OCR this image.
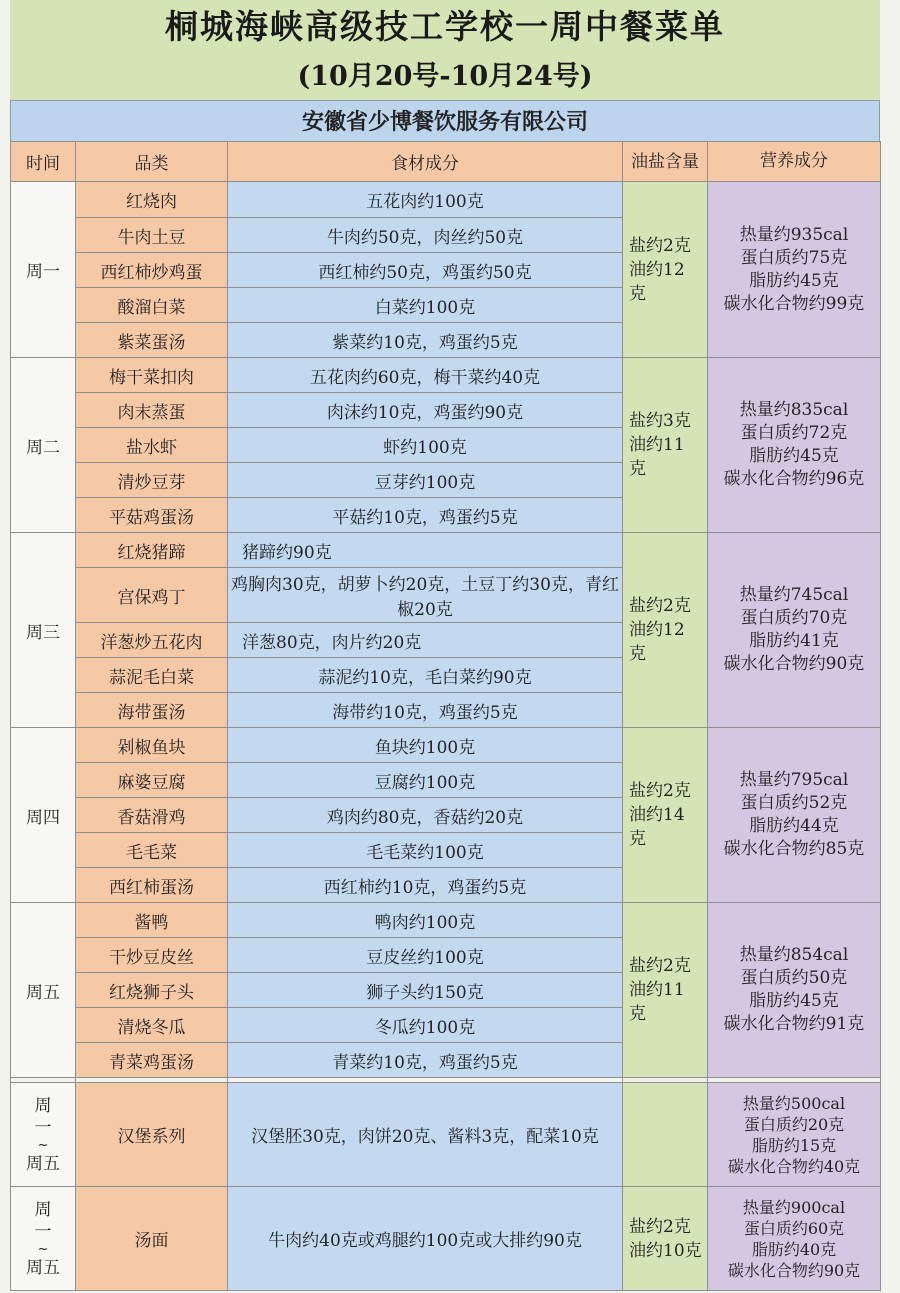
桐城海峡高级技工学校一周中餐菜单
(10月20号-10月24号)
安徽省少博餐饮服务有限公司
时间	品类	食材成分	油盐含量	营养成分
周一	红烧肉	五花肉约100克	盐约2克
油约12
克	热量约935cal
蛋白质约75克
脂肪约45克
碳水化合物约99克

	牛肉土豆	牛肉约50克，肉丝约50克		
	西红柿炒鸡蛋	西红柿约50克，鸡蛋约50克		
	酸溜白菜	白菜约100克		
	紫菜蛋汤	紫菜约10克，鸡蛋约5克		
周二	梅干菜扣肉	五花肉约60克，梅干菜约40克	盐约3克
油约11
克	热量约835cal
蛋白质约72克
脂肪约45克
碳水化合物约96克

	肉末蒸蛋	肉沫约10克，鸡蛋约90克		
	盐水虾	虾约100克		
	清炒豆芽	豆芽约100克		
	平菇鸡蛋汤	平菇约10克，鸡蛋约5克		
周三	红烧猪蹄	猪蹄约90克	盐约2克
油约12
克	热量约745cal
蛋白质约70克
脂肪约41克
碳水化合物约90克

	宫保鸡丁	鸡胸肉30克，胡萝卜约20克，土豆丁约30克，青红椒20克		
	洋葱炒五花肉	洋葱80克，肉片约20克		
	蒜泥毛白菜	蒜泥约10克，毛白菜约90克		
	海带蛋汤	海带约10克，鸡蛋约5克		
周四	剁椒鱼块	鱼块约100克	盐约2克
油约14
克	热量约795cal
蛋白质约52克
脂肪约44克
碳水化合物约85克

	麻婆豆腐	豆腐约100克		
	香菇滑鸡	鸡肉约80克，香菇约20克		
	毛毛菜	毛毛菜约100克		
	西红柿蛋汤	西红柿约10克，鸡蛋约5克		
周五	酱鸭	鸭肉约100克	盐约2克
油约11
克	热量约854cal
蛋白质约50克
脂肪约45克
碳水化合物约91克

	干炒豆皮丝	豆皮丝约100克		
	红烧狮子头	狮子头约150克		
	清烧冬瓜	冬瓜约100克		
	青菜鸡蛋汤	青菜约10克，鸡蛋约5克		

周
一
~
周五	汉堡系列	汉堡胚30克，肉饼20克、酱料3克，配菜10克		热量约500cal
蛋白质约20克
脂肪约15克
碳水化合物约40克

周
一
~
周五	汤面	牛肉约40克或鸡腿约100克或大排约90克	盐约2克
油约10克	热量约900cal
蛋白质约60克
脂肪约40克
碳水化合物约90克
